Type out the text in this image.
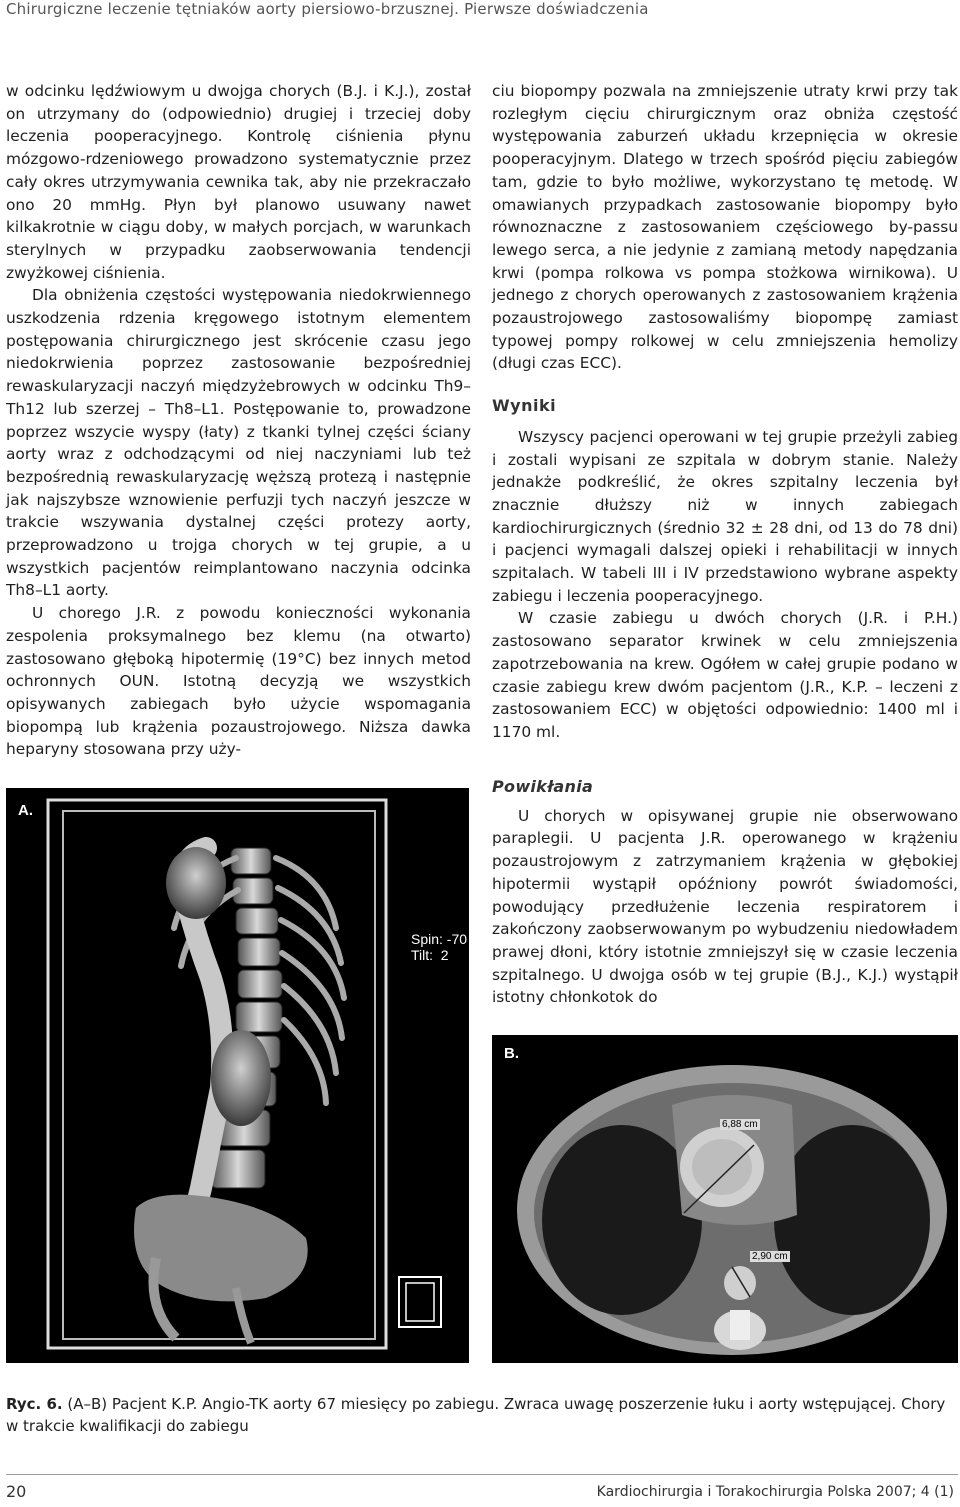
Chirurgiczne leczenie tętniaków aorty piersiowo-brzusznej. Pierwsze doświadczenia

w odcinku lędźwiowym u dwojga chorych (B.J. i K.J.), został on utrzymany do (odpowiednio) drugiej i trzeciej doby leczenia pooperacyjnego. Kontrolę ciśnienia płynu mózgowo-rdzeniowego prowadzono systematycznie przez cały okres utrzymywania cewnika tak, aby nie przekraczało ono 20 mmHg. Płyn był planowo usuwany nawet kilkakrotnie w ciągu doby, w małych porcjach, w warunkach sterylnych w przypadku zaobserwowania tendencji zwyżkowej ciśnienia.

Dla obniżenia częstości występowania niedokrwiennego uszkodzenia rdzenia kręgowego istotnym elementem postępowania chirurgicznego jest skrócenie czasu jego niedokrwienia poprzez zastosowanie bezpośredniej rewaskularyzacji naczyń międzyżebrowych w odcinku Th9–Th12 lub szerzej – Th8–L1. Postępowanie to, prowadzone poprzez wszycie wyspy (łaty) z tkanki tylnej części ściany aorty wraz z odchodzącymi od niej naczyniami lub też bezpośrednią rewaskularyzację węższą protezą i następnie jak najszybsze wznowienie perfuzji tych naczyń jeszcze w trakcie wszywania dystalnej części protezy aorty, przeprowadzono u trojga chorych w tej grupie, a u wszystkich pacjentów reimplantowano naczynia odcinka Th8–L1 aorty.

U chorego J.R. z powodu konieczności wykonania zespolenia proksymalnego bez klemu (na otwarto) zastosowano głęboką hipotermię (19°C) bez innych metod ochronnych OUN. Istotną decyzją we wszystkich opisywanych zabiegach było użycie wspomagania biopompą lub krążenia pozaustrojowego. Niższa dawka heparyny stosowana przy uży-

ciu biopompy pozwala na zmniejszenie utraty krwi przy tak rozległym cięciu chirurgicznym oraz obniża częstość występowania zaburzeń układu krzepnięcia w okresie pooperacyjnym. Dlatego w trzech spośród pięciu zabiegów tam, gdzie to było możliwe, wykorzystano tę metodę. W omawianych przypadkach zastosowanie biopompy było równoznaczne z zastosowaniem częściowego by-passu lewego serca, a nie jedynie z zamianą metody napędzania krwi (pompa rolkowa vs pompa stożkowa wirnikowa). U jednego z chorych operowanych z zastosowaniem krążenia pozaustrojowego zastosowaliśmy biopompę zamiast typowej pompy rolkowej w celu zmniejszenia hemolizy (długi czas ECC).

Wyniki

Wszyscy pacjenci operowani w tej grupie przeżyli zabieg i zostali wypisani ze szpitala w dobrym stanie. Należy jednakże podkreślić, że okres szpitalny leczenia był znacznie dłuższy niż w innych zabiegach kardiochirurgicznych (średnio 32 ± 28 dni, od 13 do 78 dni) i pacjenci wymagali dalszej opieki i rehabilitacji w innych szpitalach. W tabeli III i IV przedstawiono wybrane aspekty zabiegu i leczenia pooperacyjnego.

W czasie zabiegu u dwóch chorych (J.R. i P.H.) zastosowano separator krwinek w celu zmniejszenia zapotrzebowania na krew. Ogółem w całej grupie podano w czasie zabiegu krew dwóm pacjentom (J.R., K.P. – leczeni z zastosowaniem ECC) w objętości odpowiednio: 1400 ml i 1170 ml.

Powikłania

U chorych w opisywanej grupie nie obserwowano paraplegii. U pacjenta J.R. operowanego w krążeniu pozaustrojowym z zatrzymaniem krążenia w głębokiej hipotermii wystąpił opóźniony powrót świadomości, powodujący przedłużenie leczenia respiratorem i zakończony zaobserwowanym po wybudzeniu niedowładem prawej dłoni, który istotnie zmniejszył się w czasie leczenia szpitalnego. U dwojga osób w tej grupie (B.J., K.J.) wystąpił istotny chłonkotok do

A.
Spin: -70
Tilt:  2
B.
6,88 cm
2,90 cm
Ryc. 6. (A–B) Pacjent K.P. Angio-TK aorty 67 miesięcy po zabiegu. Zwraca uwagę poszerzenie łuku i aorty wstępującej. Chory w trakcie kwalifikacji do zabiegu
20	Kardiochirurgia i Torakochirurgia Polska 2007; 4 (1)
